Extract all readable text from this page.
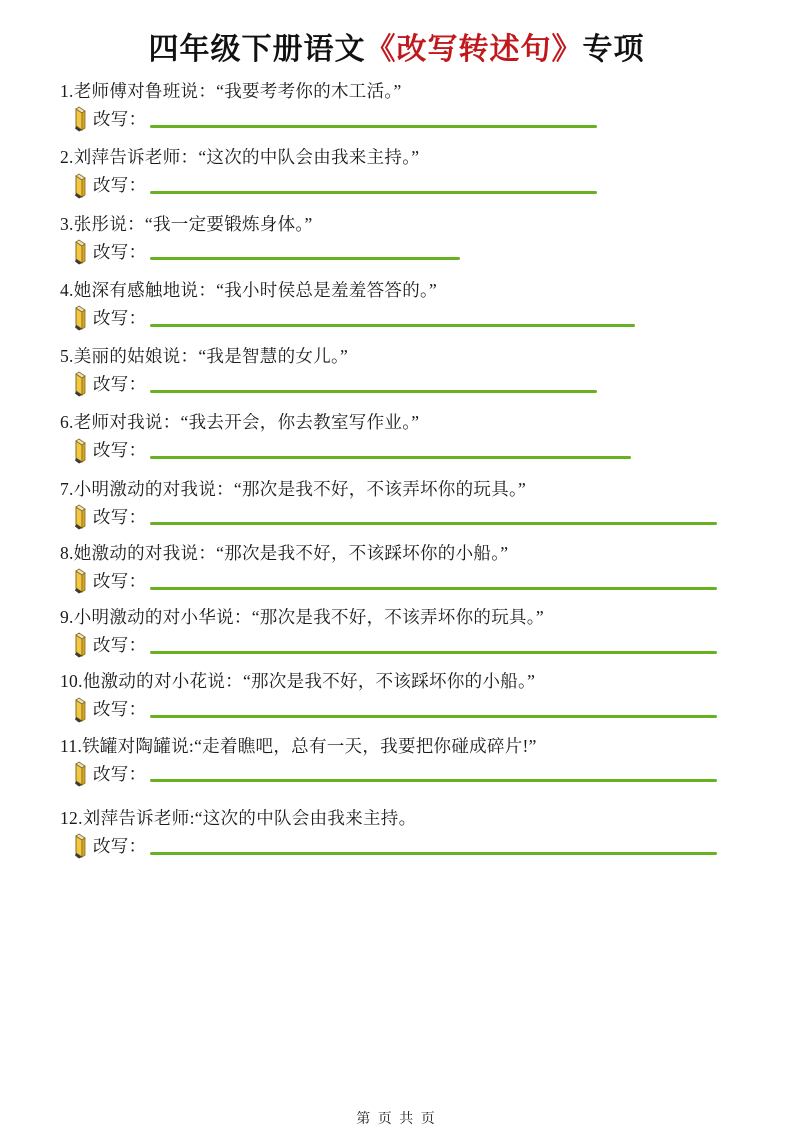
四年级下册语文《改写转述句》专项
1.老师傅对鲁班说：“我要考考你的木工活。”
改写：
2.刘萍告诉老师：“这次的中队会由我来主持。”
改写：
3.张彤说：“我一定要锻炼身体。”
改写：
4.她深有感触地说：“我小时侯总是羞羞答答的。”
改写：
5.美丽的姑娘说：“我是智慧的女儿。”
改写：
6.老师对我说：“我去开会，你去教室写作业。”
改写：
7.小明激动的对我说：“那次是我不好，不该弄坏你的玩具。”
改写：
8.她激动的对我说：“那次是我不好，不该踩坏你的小船。”
改写：
9.小明激动的对小华说：“那次是我不好，不该弄坏你的玩具。”
改写：
10.他激动的对小花说：“那次是我不好，不该踩坏你的小船。”
改写：
11.铁罐对陶罐说:“走着瞧吧，总有一天，我要把你碰成碎片!”
改写：
12.刘萍告诉老师:“这次的中队会由我来主持。
改写：
第 页 共 页
